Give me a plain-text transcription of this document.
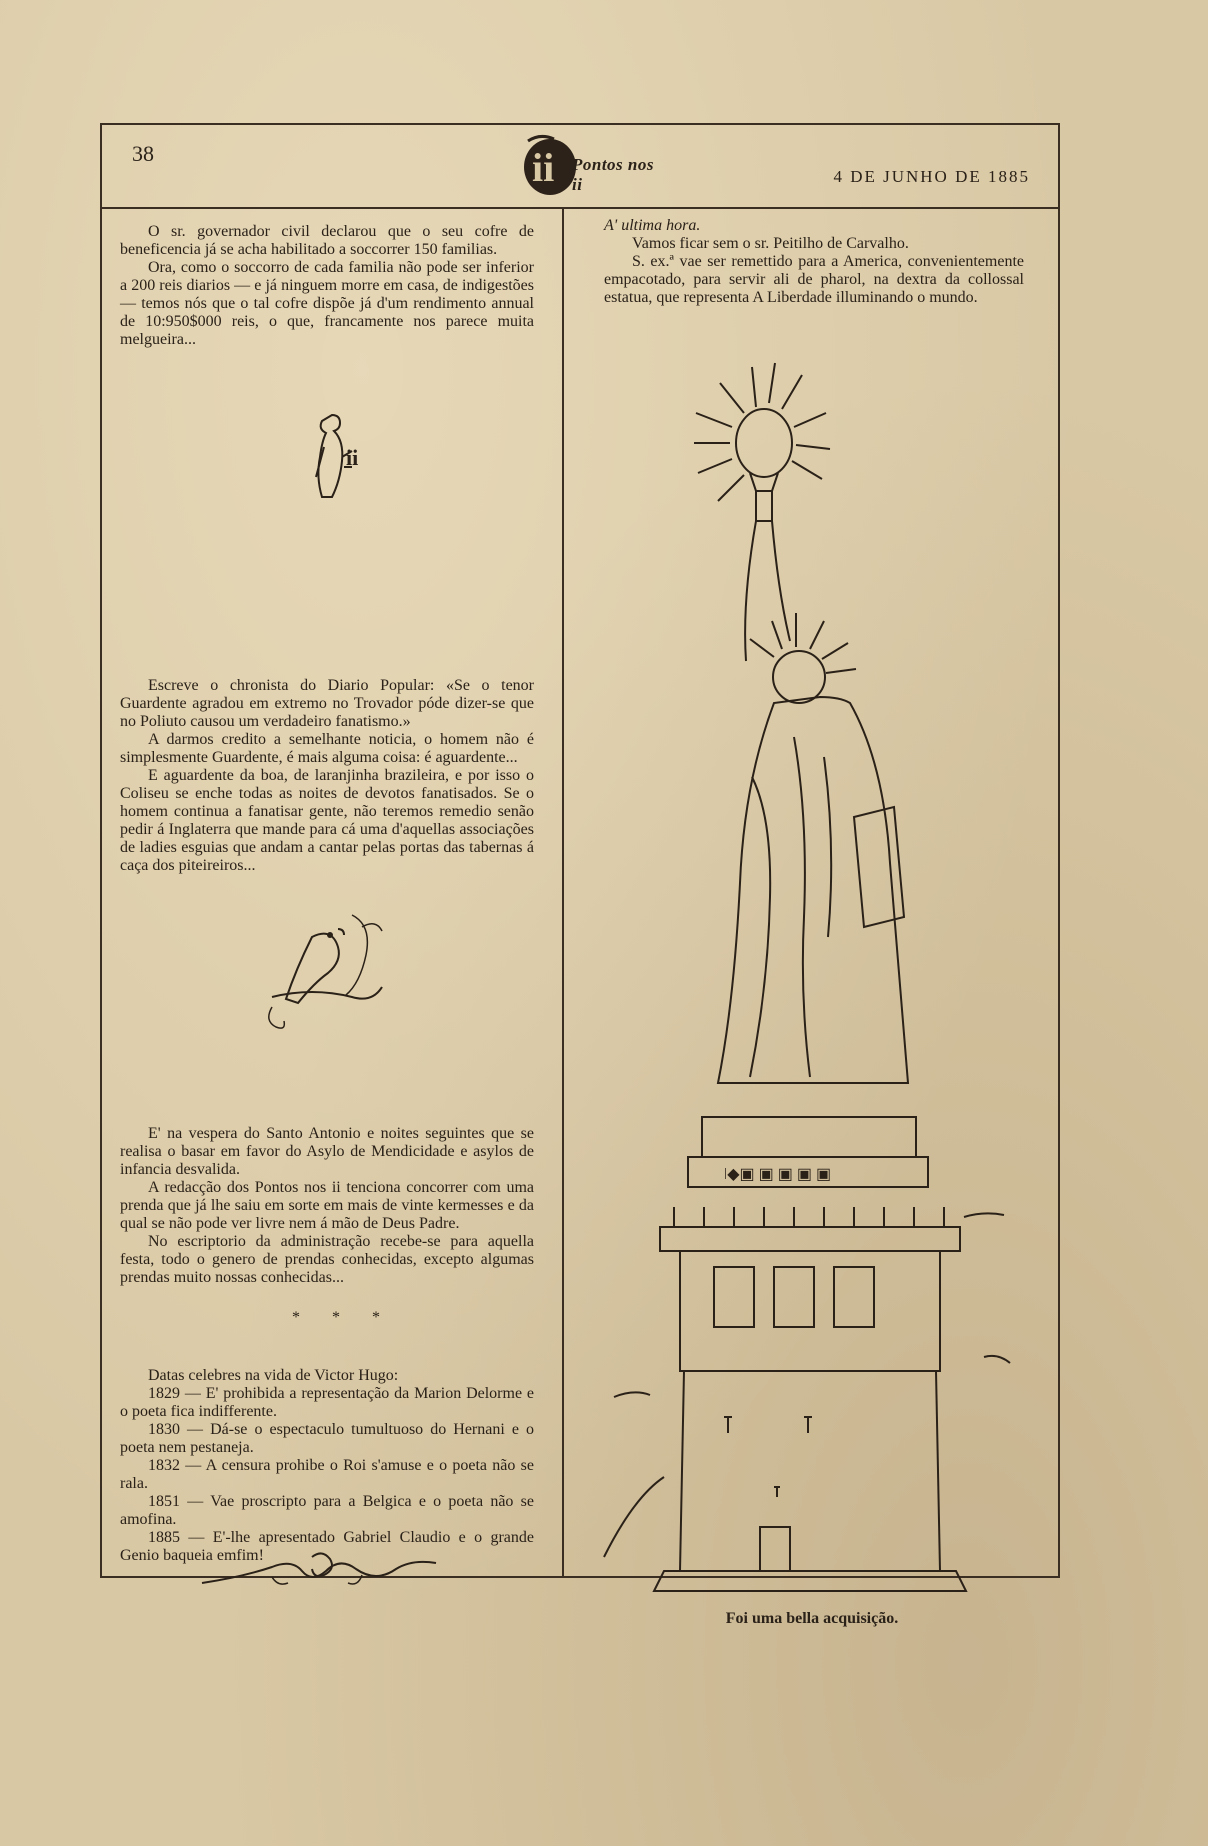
38	ii Pontos nos ii	4 DE JUNHO DE 1885

O sr. governador civil declarou que o seu cofre de beneficencia já se acha habilitado a soccorrer 150 familias.

Ora, como o soccorro de cada familia não pode ser inferior a 200 reis diarios — e já ninguem morre em casa, de indigestões — temos nós que o tal cofre dispõe já d'um rendimento annual de 10:950$000 reis, o que, francamente nos parece muita melgueira...

ii

Escreve o chronista do Diario Popular: «Se o tenor Guardente agradou em extremo no Trovador póde dizer-se que no Poliuto causou um verdadeiro fanatismo.»

A darmos credito a semelhante noticia, o homem não é simplesmente Guardente, é mais alguma coisa: é aguardente...

E aguardente da boa, de laranjinha brazileira, e por isso o Coliseu se enche todas as noites de devotos fanatisados. Se o homem continua a fanatisar gente, não teremos remedio senão pedir á Inglaterra que mande para cá uma d'aquellas associações de ladies esguias que andam a cantar pelas portas das tabernas á caça dos piteireiros...

E' na vespera do Santo Antonio e noites seguintes que se realisa o basar em favor do Asylo de Mendicidade e asylos de infancia desvalida.

A redacção dos Pontos nos ii tenciona concorrer com uma prenda que já lhe saiu em sorte em mais de vinte kermesses e da qual se não pode ver livre nem á mão de Deus Padre.

No escriptorio da administração recebe-se para aquella festa, todo o genero de prendas conhecidas, excepto algumas prendas muito nossas conhecidas...

* * *

Datas celebres na vida de Victor Hugo:

1829 — E' prohibida a representação da Marion Delorme e o poeta fica indifferente.

1830 — Dá-se o espectaculo tumultuoso do Hernani e o poeta nem pestaneja.

1832 — A censura prohibe o Roi s'amuse e o poeta não se rala.

1851 — Vae proscripto para a Belgica e o poeta não se amofina.

1885 — E'-lhe apresentado Gabriel Claudio e o grande Genio baqueia emfim!

A' ultima hora.

Vamos ficar sem o sr. Peitilho de Carvalho.

S. ex.ª vae ser remettido para a America, convenientemente empacotado, para servir ali de pharol, na dextra da collossal estatua, que representa A Liberdade illuminando o mundo.

ǀ◆▣ ▣ ▣ ▣ ▣
Foi uma bella acquisição.
